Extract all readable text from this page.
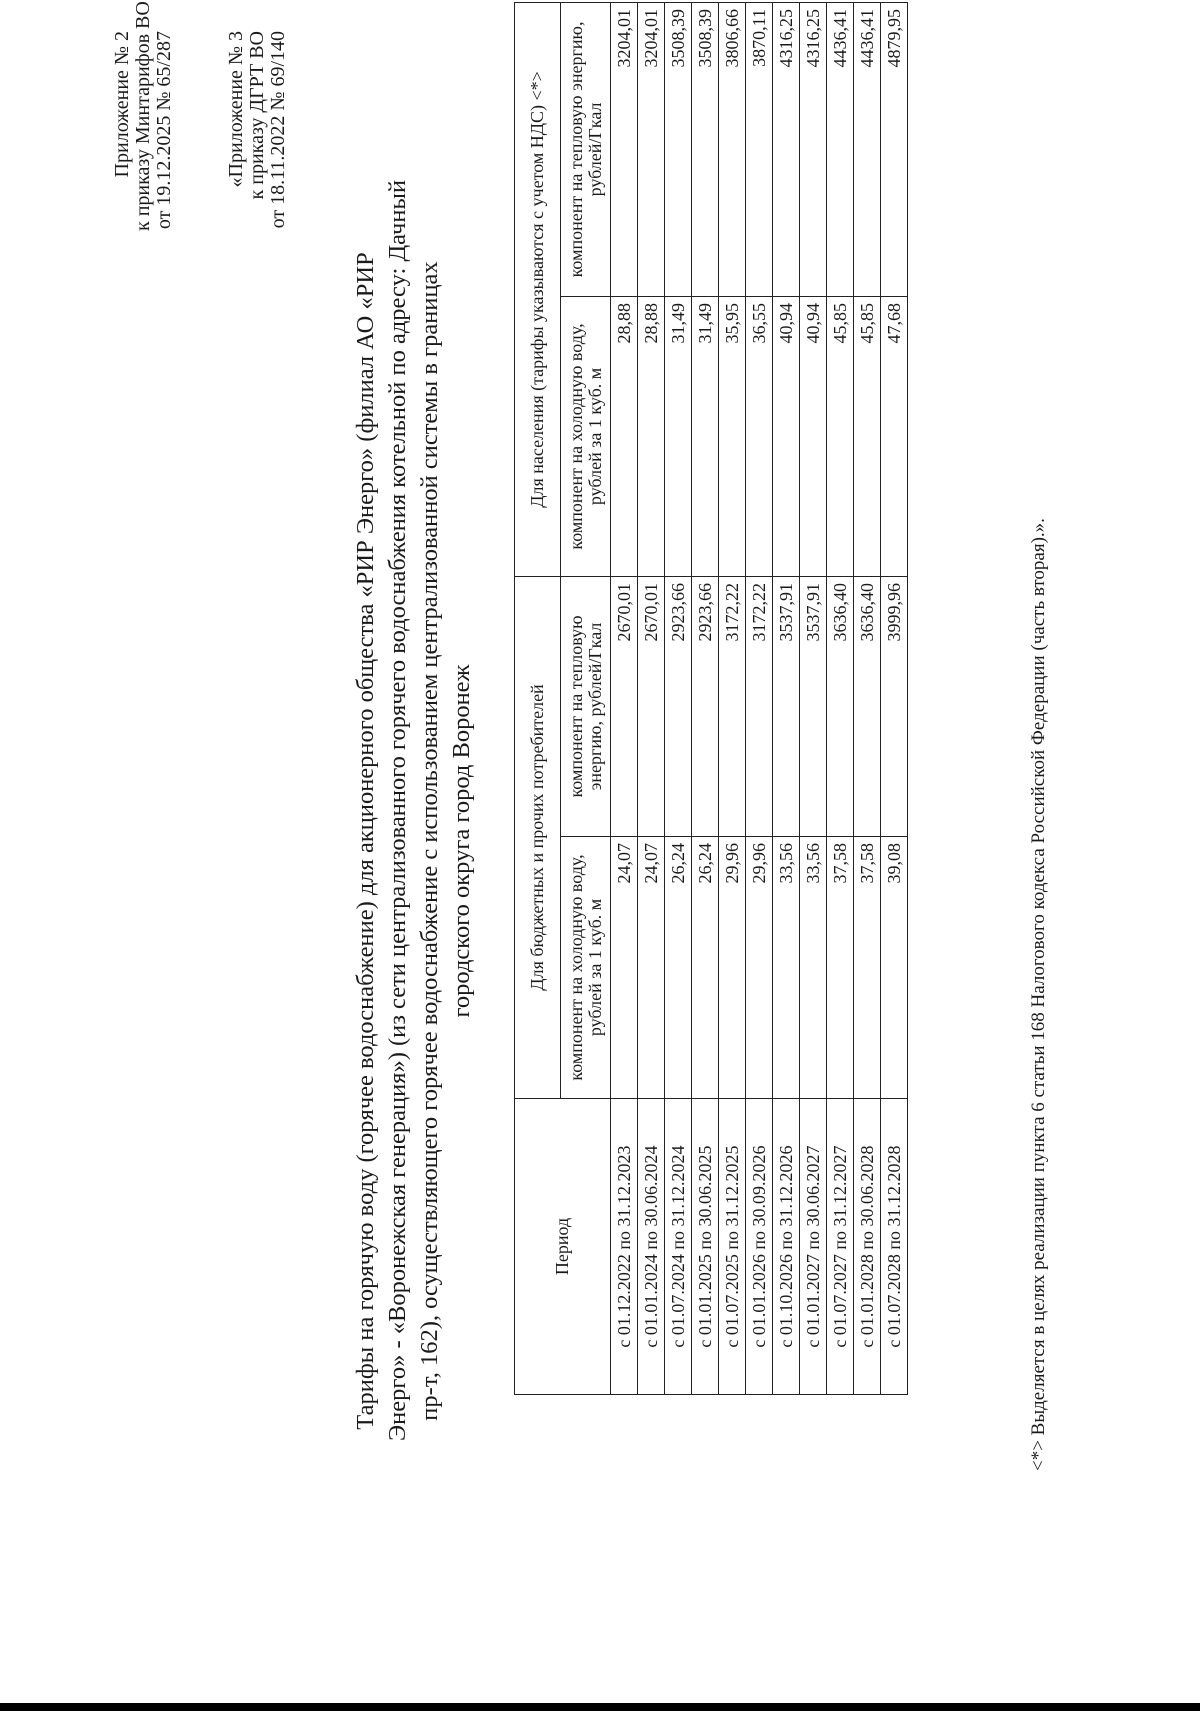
Приложение № 2 к приказу Минтарифов ВО от 19.12.2025 № 65/287	«Приложение № 3 к приказу ДГРТ ВО от 18.11.2022 № 69/140
Тарифы на горячую воду (горячее водоснабжение) для акционерного общества «РИР Энерго» (филиал АО «РИР Энерго» - «Воронежская генерация») (из сети централизованного горячего водоснабжения котельной по адресу: Дачный пр-т, 162), осуществляющего горячее водоснабжение с использованием централизованной системы в границах городского округа город Воронеж
Период	Для бюджетных и прочих потребителей		Для населения (тарифы указываются с учетом НДС) <*>	
	компонент на холодную воду, рублей за 1 куб. м	компонент на тепловую энергию, рублей/Гкал	компонент на холодную воду, рублей за 1 куб. м	компонент на тепловую энергию, рублей/Гкал
с 01.12.2022 по 31.12.2023	24,07	2670,01	28,88	3204,01
с 01.01.2024 по 30.06.2024	24,07	2670,01	28,88	3204,01
с 01.07.2024 по 31.12.2024	26,24	2923,66	31,49	3508,39
с 01.01.2025 по 30.06.2025	26,24	2923,66	31,49	3508,39
с 01.07.2025 по 31.12.2025	29,96	3172,22	35,95	3806,66
с 01.01.2026 по 30.09.2026	29,96	3172,22	36,55	3870,11
с 01.10.2026 по 31.12.2026	33,56	3537,91	40,94	4316,25
с 01.01.2027 по 30.06.2027	33,56	3537,91	40,94	4316,25
с 01.07.2027 по 31.12.2027	37,58	3636,40	45,85	4436,41
с 01.01.2028 по 30.06.2028	37,58	3636,40	45,85	4436,41
с 01.07.2028 по 31.12.2028	39,08	3999,96	47,68	4879,95
<*> Выделяется в целях реализации пункта 6 статьи 168 Налогового кодекса Российской Федерации (часть вторая).».
